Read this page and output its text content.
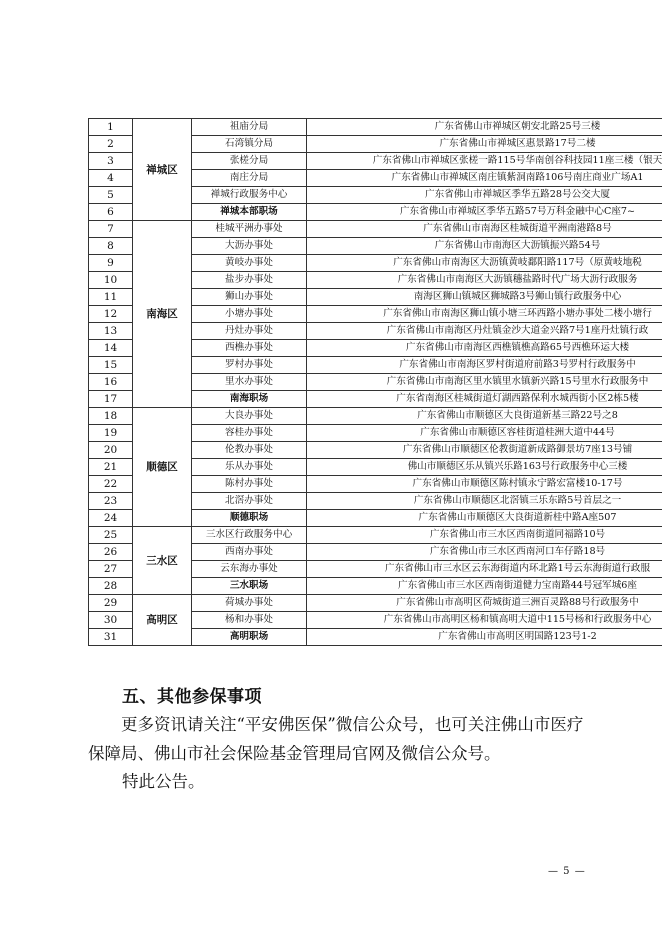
1	禅城区	祖庙分局	广东省佛山市禅城区朝安北路25号三楼
2		石湾镇分局	广东省佛山市禅城区惠景路17号二楼
3		张槎分局	广东省佛山市禅城区张槎一路115号华南创谷科技园11座三楼（银天
4		南庄分局	广东省佛山市禅城区南庄镇紫洞南路106号南庄商业广场A1
5		禅城行政服务中心	广东省佛山市禅城区季华五路28号公交大厦
6		禅城本部职场	广东省佛山市禅城区季华五路57号万科金融中心C座7~
7	南海区	桂城平洲办事处	广东省佛山市南海区桂城街道平洲南港路8号
8		大沥办事处	广东省佛山市南海区大沥镇振兴路54号
9		黄岐办事处	广东省佛山市南海区大沥镇黄岐鄱阳路117号（原黄岐地税
10		盐步办事处	广东省佛山市南海区大沥镇穗盐路时代广场大沥行政服务
11		狮山办事处	南海区狮山镇城区狮城路3号狮山镇行政服务中心
12		小塘办事处	广东省佛山市南海区狮山镇小塘三环西路小塘办事处二楼小塘行
13		丹灶办事处	广东省佛山市南海区丹灶镇金沙大道金兴路7号1座丹灶镇行政
14		西樵办事处	广东省佛山市南海区西樵镇樵高路65号西樵环运大楼
15		罗村办事处	广东省佛山市南海区罗村街道府前路3号罗村行政服务中
16		里水办事处	广东省佛山市南海区里水镇里水镇新兴路15号里水行政服务中
17		南海职场	广东省南海区桂城街道灯湖西路保利水城西街小区2栋5楼
18	顺德区	大良办事处	广东省佛山市顺德区大良街道新基三路22号之8
19		容桂办事处	广东省佛山市顺德区容桂街道桂洲大道中44号
20		伦教办事处	广东省佛山市顺德区伦教街道新成路御景坊7座13号铺
21		乐从办事处	佛山市顺德区乐从镇兴乐路163号行政服务中心三楼
22		陈村办事处	广东省佛山市顺德区陈村镇永宁路宏富楼10-17号
23		北滘办事处	广东省佛山市顺德区北滘镇三乐东路5号首层之一
24		顺德职场	广东省佛山市顺德区大良街道新桂中路A座507
25	三水区	三水区行政服务中心	广东省佛山市三水区西南街道同福路10号
26		西南办事处	广东省佛山市三水区西南河口车仔路18号
27		云东海办事处	广东省佛山市三水区云东海街道内环北路1号云东海街道行政服
28		三水职场	广东省佛山市三水区西南街道健力宝南路44号冠军城6座
29	高明区	荷城办事处	广东省佛山市高明区荷城街道三洲百灵路88号行政服务中
30		杨和办事处	广东省佛山市高明区杨和镇高明大道中115号杨和行政服务中心
31		高明职场	广东省佛山市高明区明国路123号1-2
五、其他参保事项

更多资讯请关注“平安佛医保”微信公众号，也可关注佛山市医疗保障局、佛山市社会保险基金管理局官网及微信公众号。

特此公告。
— 5 —
